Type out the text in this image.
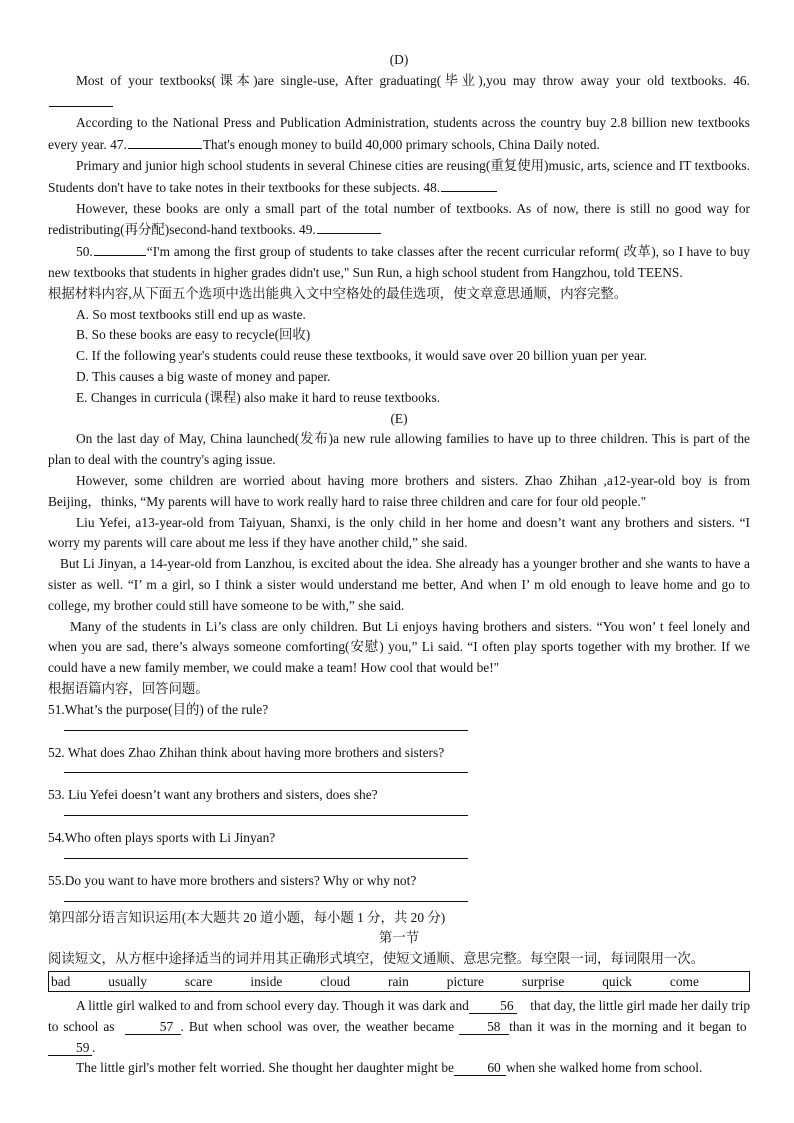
(D)

Most of your textbooks(课本)are single-use, After graduating(毕业),you may throw away your old textbooks. 46.

According to the National Press and Publication Administration, students across the country buy 2.8 billion new textbooks every year. 47.	That's enough money to build 40,000 primary schools, China Daily noted.

Primary and junior high school students in several Chinese cities are reusing(重复使用)music, arts, science and IT textbooks. Students don't have to take notes in their textbooks for these subjects. 48.

However, these books are only a small part of the total number of textbooks. As of now, there is still no good way for redistributing(再分配)second-hand textbooks. 49.

50.	“I'm among the first group of students to take classes after the recent curricular reform( 改革), so I have to buy new textbooks that students in higher grades didn't use," Sun Run, a high school student from Hangzhou, told TEENS.

根据材料内容,从下面五个选项中选出能典入文中空格处的最佳选项，使文章意思通顺，内容完整。

A. So most textbooks still end up as waste.

B. So these books are easy to recycle(回收)

C. If the following year's students could reuse these textbooks, it would save over 20 billion yuan per year.

D. This causes a big waste of money and paper.

E. Changes in curricula (课程) also make it hard to reuse textbooks.

(E)

On the last day of May, China launched(发布)a new rule allowing families to have up to three children. This is part of the plan to deal with the country's aging issue.

However, some children are worried about having more brothers and sisters. Zhao Zhihan ,a12-year-old boy is from Beijing，thinks, “My parents will have to work really hard to raise three children and care for four old people."

Liu Yefei, a13-year-old from Taiyuan, Shanxi, is the only child in her home and doesn’t want any brothers and sisters. “I worry my parents will care about me less if they have another child,” she said.

But Li Jinyan, a 14-year-old from Lanzhou, is excited about the idea. She already has a younger brother and she wants to have a sister as well. “I’ m a girl, so I think a sister would understand me better, And when I’ m old enough to leave home and go to college, my brother could still have someone to be with,” she said.

Many of the students in Li’s class are only children. But Li enjoys having brothers and sisters. “You won’ t feel lonely and when you are sad, there’s always someone comforting(安慰) you,” Li said. “I often play sports together with my brother. If we could have a new family member, we could make a team! How cool that would be!"

根据语篇内容，回答问题。

51.What’s the purpose(目的) of the rule?

52. What does Zhao Zhihan think about having more brothers and sisters?

53. Liu Yefei doesn’t want any brothers and sisters, does she?

54.Who often plays sports with Li Jinyan?

55.Do you want to have more brothers and sisters? Why or why not?

第四部分语言知识运用(本大题共 20 道小题，每小题 1 分，共 20 分)

第一节

阅读短文，从方框中途择适当的词并用其正确形式填空，使短文通顺、意思完整。每空限一词，每词限用一次。

bad	usually	scare	inside	cloud	rain	picture	surprise	quick	come

A little girl walked to and from school every day. Though it was dark and 56 that day, the little girl made her daily trip to school as	57 . But when school was over, the weather became 58 than it was in the morning and it began to 59 .

The little girl's mother felt worried. She thought her daughter might be 60 when she walked home from school.
